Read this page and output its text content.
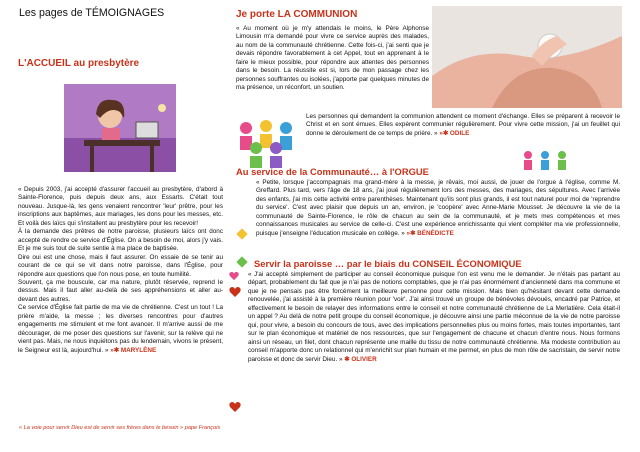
Les pages de TÉMOIGNAGES
L'ACCUEIL au presbytère
« Depuis 2003, j'ai accepté d'assurer l'accueil au presbytère, d'abord à Sainte-Florence, puis depuis deux ans, aux Essarts. C'était tout nouveau. Jusque-là, les gens venaient rencontrer 'leur' prêtre, pour les inscriptions aux baptêmes, aux mariages, les dons pour les messes, etc. Et voilà des laïcs qui s'installent au presbytère pour les recevoir!
À la demande des prêtres de notre paroisse, plusieurs laïcs ont donc accepté de rendre ce service d'Église. On a besoin de moi, alors j'y vais. Et je me suis tout de suite sentie à ma place de baptisée.
Dire oui est une chose, mais il faut assurer. On essaie de se tenir au courant de ce qui se vit dans notre paroisse, dans l'Église, pour répondre aux questions que l'on nous pose, en toute humilité.
Souvent, ça me bouscule, car ma nature, plutôt réservée, reprend le dessus. Mais il faut aller au-delà de ses appréhensions et aller au-devant des autres.
Ce service d'Église fait partie de ma vie de chrétienne. C'est un tout ! La prière m'aide, la messe ; les diverses rencontres pour d'autres engagements me stimulent et me font avancer. Il m'arrive aussi de me décourager, de me poser des questions sur l'avenir, sur la relève qui ne vient pas. Mais, ne nous inquiétons pas du lendemain, vivons le présent, le Seigneur est là, aujourd'hui. » »✱ MARYLÈNE
Je porte LA COMMUNION
« Au moment où je m'y attendais le moins, le Père Alphonse Limousin m'a demandé pour vivre ce service auprès des malades, au nom de la communauté chrétienne. Cette fois-ci, j'ai senti que je devais répondre favorablement à cet Appel, tout en apprenant à le faire le mieux possible, pour répondre aux attentes des personnes dans le besoin. La réussite est si, lors de mon passage chez les personnes souffrantes ou isolées, j'apporte par quelques minutes de ma présence, un réconfort, un soutien.
Les personnes qui demandent la communion attendent ce moment d'échange. Elles se préparent à recevoir le Christ et en sont émues. Elles expèrent communier régulièrement. Pour vivre cette mission, j'ai un feuillet qui donne le déroulement de ce temps de prière. » »✱ ODILE
Au service de la Communauté… à l'ORGUE
« Petite, lorsque j'accompagnais ma grand-mère à la messe, je rêvais, moi aussi, de jouer de l'orgue à l'église, comme M. Greffard. Plus tard, vers l'âge de 18 ans, j'ai joué régulièrement lors des messes, des mariages, des sépultures. Avec l'arrivée des enfants, j'ai mis cette activité entre parenthèses. Maintenant qu'ils sont plus grands, il est tout naturel pour moi de 'reprendre du service'. C'est avec plaisir que depuis un an, environ, je 'coopère' avec Anne-Marie Mousset. Je découvre la vie de la communauté de Sainte-Florence, le rôle de chacun au sein de la communauté, et je mets mes compétences et mes connaissances musicales au service de celle-ci. C'est une expérience enrichissante qui vient compléter ma vie professionnelle, puisque j'enseigne l'éducation musicale en collège. » »✱ BÉNÉDICTE
Servir la paroisse … par le biais du CONSEIL ÉCONOMIQUE
« J'ai accepté simplement de participer au conseil économique puisque l'on est venu me le demander. Je n'étais pas partant au départ, probablement du fait que je n'ai pas de notions comptables, que je n'ai pas énormément d'ancienneté dans ma commune et que je ne pensais pas être forcément la meilleure personne pour cette mission. Mais bien qu'hésitant devant cette demande renouvelée, j'ai assisté à la première réunion pour 'voir'. J'ai ainsi trouvé un groupe de bénévoles dévoués, encadré par Patrice, et effectivement le besoin de relayer des informations entre le conseil et notre communauté chrétienne de La Merlatière. Cela était-il un appel ? Au delà de notre petit groupe du conseil économique, je découvre ainsi une partie méconnue de la vie de notre paroisse qui, pour vivre, a besoin du concours de tous, avec des implications personnelles plus ou moins fortes, mais toutes importantes, tant sur le plan économique et matériel de nos ressources, que sur l'engagement de chacune et chacun d'entre nous. Nous formons ainsi un réseau, un filet, dont chacun représente une maille du tissu de notre communauté chrétienne. Ma modeste contribution au conseil m'apporte donc un relationnel qui m'enrichit sur plan humain et me permet, en plus de mon rôle de sacristain, de servir notre paroisse et donc de servir Dieu. » ✱ OLIVIER
« La voie pour servir Dieu est de servir ses frères dans le besoin » pape François
